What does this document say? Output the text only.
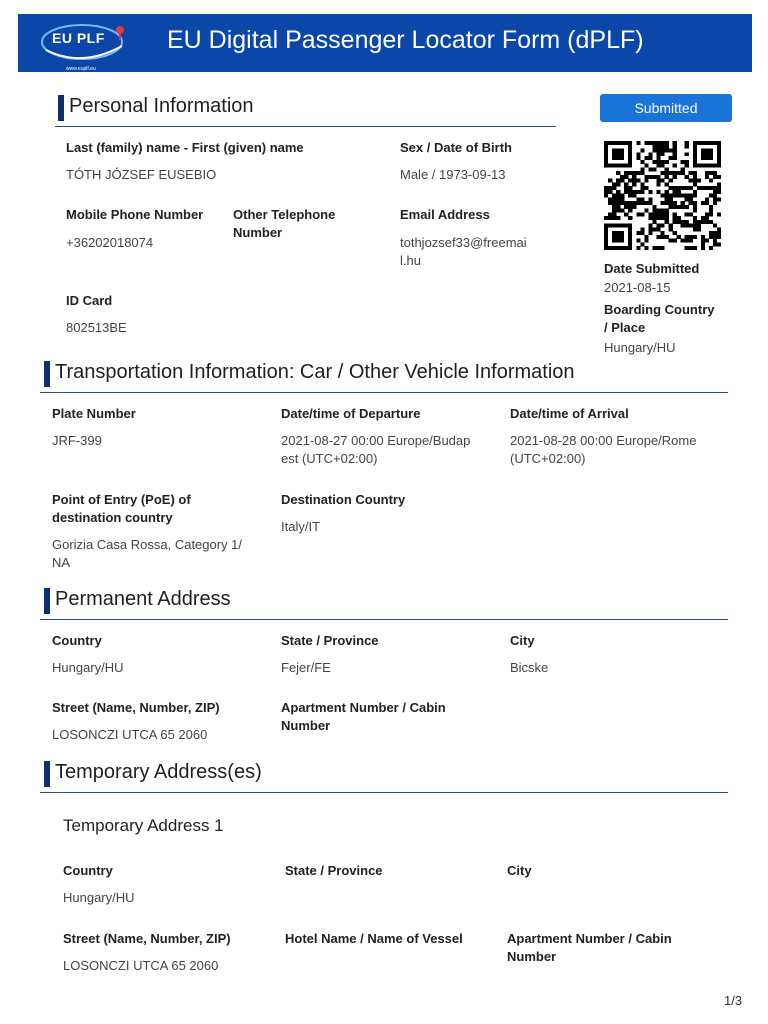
EU PLF
www.euplf.eu
EU Digital Passenger Locator Form (dPLF)
Personal Information	Submitted
Last (family) name - First (given) name
TÓTH JÓZSEF EUSEBIO
Sex / Date of Birth
Male / 1973-09-13
Mobile Phone Number
+36202018074
Other Telephone
Number
Email Address
tothjozsef33@freemai
l.hu
ID Card
802513BE
Date Submitted
2021-08-15
Boarding Country
/ Place
Hungary/HU
Transportation Information: Car / Other Vehicle Information
Plate Number
JRF-399
Date/time of Departure
2021-08-27 00:00 Europe/Budap
est (UTC+02:00)
Date/time of Arrival
2021-08-28 00:00 Europe/Rome
(UTC+02:00)
Point of Entry (PoE) of
destination country
Gorizia Casa Rossa, Category 1/
NA
Destination Country
Italy/IT
Permanent Address
Country
Hungary/HU
State / Province
Fejer/FE
City
Bicske
Street (Name, Number, ZIP)
LOSONCZI UTCA 65 2060
Apartment Number / Cabin
Number
Temporary Address(es)
Temporary Address 1
Country
Hungary/HU
State / Province	City
Street (Name, Number, ZIP)
LOSONCZI UTCA 65 2060
Hotel Name / Name of Vessel	Apartment Number / Cabin
Number
1/3
